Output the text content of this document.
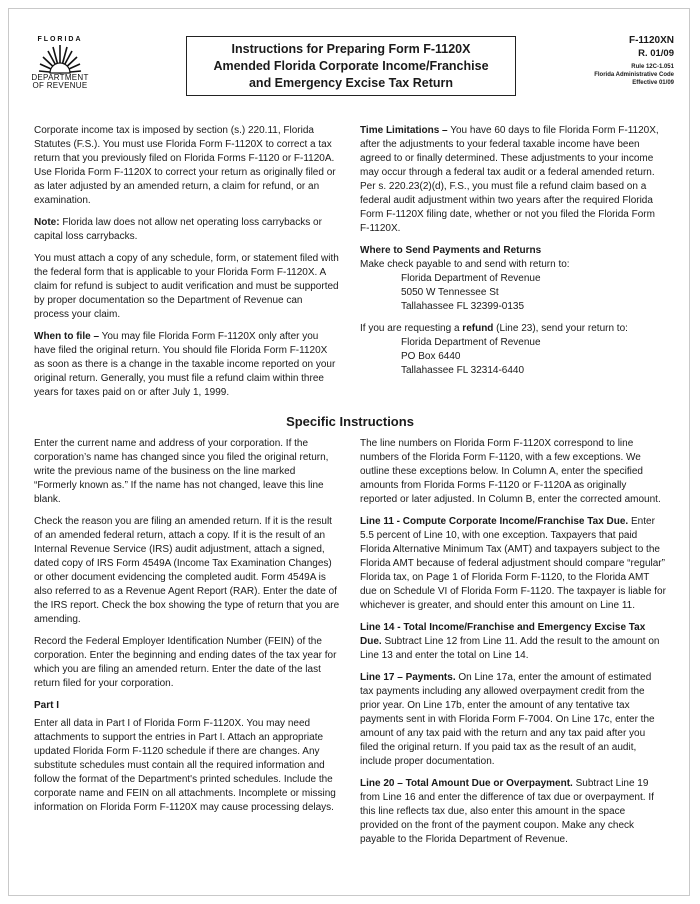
FLORIDA
DEPARTMENT
OF REVENUE
Instructions for Preparing Form F-1120X
Amended Florida Corporate Income/Franchise
and Emergency Excise Tax Return
F-1120XN
R. 01/09
Rule 12C-1.051
Florida Administrative Code
Effective 01/09

Corporate income tax is imposed by section (s.) 220.11, Florida Statutes (F.S.). You must use Florida Form F-1120X to correct a tax return that you previously filed on Florida Forms F-1120 or F-1120A. Use Florida Form F-1120X to correct your return as originally filed or as later adjusted by an amended return, a claim for refund, or an examination.

Note: Florida law does not allow net operating loss carrybacks or capital loss carrybacks.

You must attach a copy of any schedule, form, or statement filed with the federal form that is applicable to your Florida Form F-1120X. A claim for refund is subject to audit verification and must be supported by proper documentation so the Department of Revenue can process your claim.

When to file – You may file Florida Form F-1120X only after you have filed the original return. You should file Florida Form F-1120X as soon as there is a change in the taxable income reported on your original return. Generally, you must file a refund claim within three years for taxes paid on or after July 1, 1999.

Time Limitations – You have 60 days to file Florida Form F-1120X, after the adjustments to your federal taxable income have been agreed to or finally determined. These adjustments to your income may occur through a federal tax audit or a federal amended return. Per s. 220.23(2)(d), F.S., you must file a refund claim based on a federal audit adjustment within two years after the required Florida Form F-1120X filing date, whether or not you filed the Florida Form F-1120X.

Where to Send Payments and Returns
Make check payable to and send with return to:
Florida Department of Revenue
5050 W Tennessee St
Tallahassee FL 32399-0135
If you are requesting a refund (Line 23), send your return to:
Florida Department of Revenue
PO Box 6440
Tallahassee FL 32314-6440
Specific Instructions

Enter the current name and address of your corporation. If the corporation’s name has changed since you filed the original return, write the previous name of the business on the line marked “Formerly known as.” If the name has not changed, leave this line blank.

Check the reason you are filing an amended return. If it is the result of an amended federal return, attach a copy. If it is the result of an Internal Revenue Service (IRS) audit adjustment, attach a signed, dated copy of IRS Form 4549A (Income Tax Examination Changes) or other document evidencing the completed audit. Form 4549A is also referred to as a Revenue Agent Report (RAR). Enter the date of the IRS report. Check the box showing the type of return that you are amending.

Record the Federal Employer Identification Number (FEIN) of the corporation. Enter the beginning and ending dates of the tax year for which you are filing an amended return. Enter the date of the last return filed for your corporation.

Part I

Enter all data in Part I of Florida Form F-1120X. You may need attachments to support the entries in Part I. Attach an appropriate updated Florida Form F-1120 schedule if there are changes. Any substitute schedules must contain all the required information and follow the format of the Department's printed schedules. Include the corporate name and FEIN on all attachments. Incomplete or missing information on Florida Form F-1120X may cause processing delays.

The line numbers on Florida Form F-1120X correspond to line numbers of the Florida Form F-1120, with a few exceptions. We outline these exceptions below. In Column A, enter the specified amounts from Florida Forms F-1120 or F-1120A as originally reported or later adjusted. In Column B, enter the corrected amount.

Line 11 - Compute Corporate Income/Franchise Tax Due. Enter 5.5 percent of Line 10, with one exception. Taxpayers that paid Florida Alternative Minimum Tax (AMT) and taxpayers subject to the Florida AMT because of federal adjustment should compare “regular” Florida tax, on Page 1 of Florida Form F-1120, to the Florida AMT due on Schedule VI of Florida Form F-1120. The taxpayer is liable for whichever is greater, and should enter this amount on Line 11.

Line 14 - Total Income/Franchise and Emergency Excise Tax Due. Subtract Line 12 from Line 11. Add the result to the amount on Line 13 and enter the total on Line 14.

Line 17 – Payments. On Line 17a, enter the amount of estimated tax payments including any allowed overpayment credit from the prior year. On Line 17b, enter the amount of any tentative tax payments sent in with Florida Form F-7004. On Line 17c, enter the amount of any tax paid with the return and any tax paid after you filed the original return. If you paid tax as the result of an audit, include proper documentation.

Line 20 – Total Amount Due or Overpayment. Subtract Line 19 from Line 16 and enter the difference of tax due or overpayment. If this line reflects tax due, also enter this amount in the space provided on the front of the payment coupon. Make any check payable to the Florida Department of Revenue.
